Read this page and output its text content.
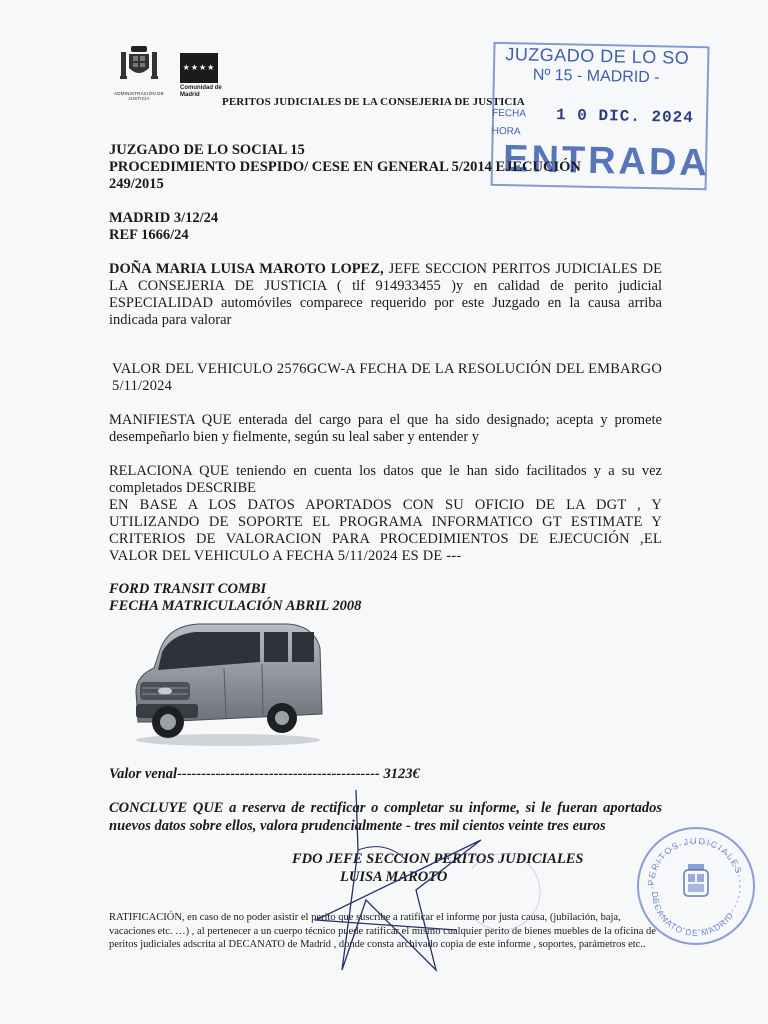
ADMINISTRACIÓN DE JUSTICIA
★★★★

Comunidad de Madrid
PERITOS JUDICIALES DE LA CONSEJERIA DE JUSTICIA
JUZGADO DE LO SO
Nº 15 - MADRID -
FECHA 1 0 DIC. 2024
HORA
ENTRADA
JUZGADO DE LO SOCIAL 15
PROCEDIMIENTO DESPIDO/ CESE EN GENERAL 5/2014 EJECUCIÓN
249/2015
MADRID 3/12/24
REF 1666/24
DOÑA MARIA LUISA MAROTO LOPEZ, JEFE SECCION PERITOS JUDICIALES DE LA CONSEJERIA DE JUSTICIA ( tlf 914933455 )y en calidad de perito judicial ESPECIALIDAD automóviles comparece requerido por este Juzgado en la causa arriba indicada para valorar
VALOR DEL VEHICULO 2576GCW-A FECHA DE LA RESOLUCIÓN DEL EMBARGO 5/11/2024
MANIFIESTA QUE enterada del cargo para el que ha sido designado; acepta y promete desempeñarlo bien y fielmente, según su leal saber y entender y
RELACIONA QUE teniendo en cuenta los datos que le han sido facilitados y a su vez completados DESCRIBE
EN BASE A LOS DATOS APORTADOS CON SU OFICIO DE LA DGT , Y UTILIZANDO DE SOPORTE EL PROGRAMA INFORMATICO GT ESTIMATE Y CRITERIOS DE VALORACION PARA PROCEDIMIENTOS DE EJECUCIÓN ,EL VALOR DEL VEHICULO A FECHA 5/11/2024 ES DE ---
FORD TRANSIT COMBI
FECHA MATRICULACIÓN ABRIL 2008
Valor venal------------------------------------------ 3123€
CONCLUYE QUE a reserva de rectificar o completar su informe, si le fueran aportados nuevos datos sobre ellos, valora prudencialmente - tres mil cientos veinte tres euros
FDO JEFE SECCION PERITOS JUDICIALES
LUISA MAROTO
RATIFICACIÓN, en caso de no poder asistir el perito que suscribe a ratificar el informe por justa causa, (jubilación, baja, vacaciones etc. …) , al pertenecer a un cuerpo técnico puede ratificar el mismo cualquier perito de bienes muebles de la oficina de peritos judiciales adscrita al DECANATO de Madrid , donde consta archivado copia de este informe , soportes, parámetros etc..
PERITOS JUDICIALES
DECANATO DE MADRID
